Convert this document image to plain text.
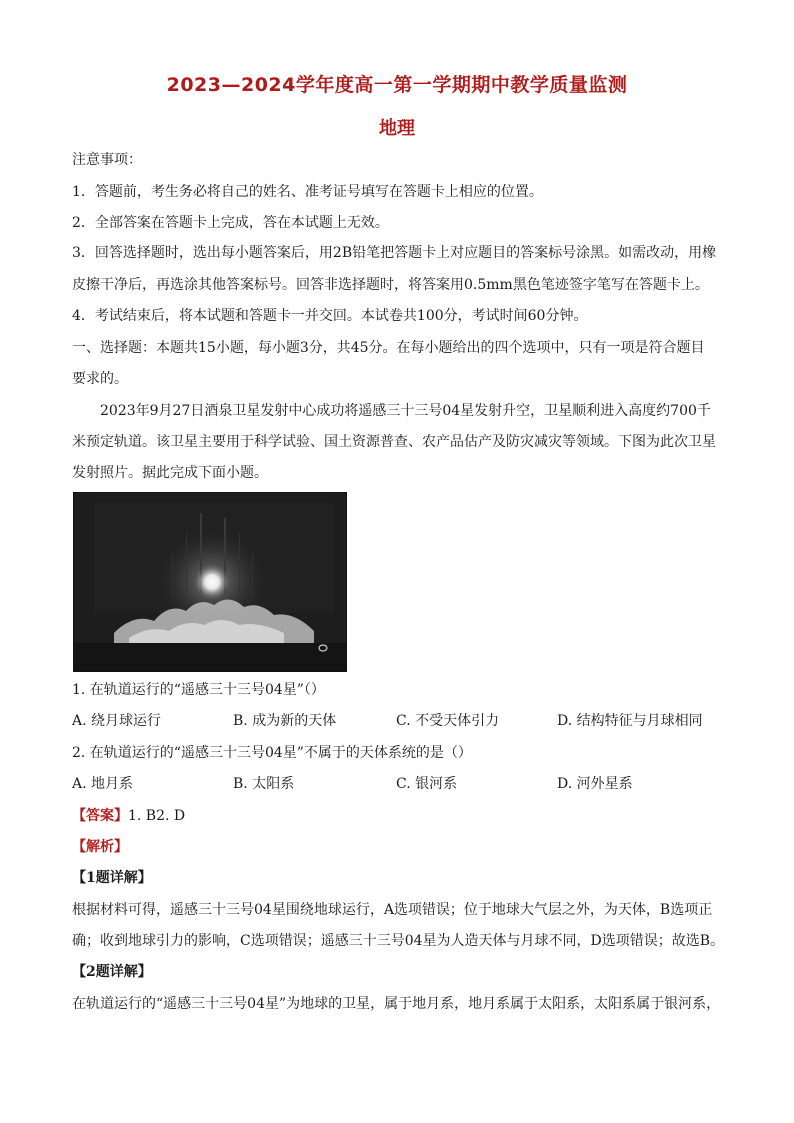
2023—2024学年度高一第一学期期中教学质量监测
地理
注意事项：
1．答题前，考生务必将自己的姓名、准考证号填写在答题卡上相应的位置。
2．全部答案在答题卡上完成，答在本试题上无效。
3．回答选择题时，选出每小题答案后，用2B铅笔把答题卡上对应题目的答案标号涂黑。如需改动，用橡
皮擦干净后，再选涂其他答案标号。回答非选择题时，将答案用0.5mm黑色笔迹签字笔写在答题卡上。
4．考试结束后，将本试题和答题卡一并交回。本试卷共100分，考试时间60分钟。
一、选择题：本题共15小题，每小题3分，共45分。在每小题给出的四个选项中，只有一项是符合题目
要求的。
2023年9月27日酒泉卫星发射中心成功将遥感三十三号04星发射升空，卫星顺利进入高度约700千
米预定轨道。该卫星主要用于科学试验、国土资源普查、农产品估产及防灾减灾等领域。下图为此次卫星
发射照片。据此完成下面小题。
1. 在轨道运行的“遥感三十三号04星”（）
A. 绕月球运行	B. 成为新的天体	C. 不受天体引力	D. 结构特征与月球相同
2. 在轨道运行的“遥感三十三号04星”不属于的天体系统的是（）
A. 地月系	B. 太阳系	C. 银河系	D. 河外星系
【答案】1. B2. D
【解析】
【1题详解】
根据材料可得，遥感三十三号04星围绕地球运行，A选项错误；位于地球大气层之外，为天体，B选项正
确；收到地球引力的影响，C选项错误；遥感三十三号04星为人造天体与月球不同，D选项错误；故选B。
【2题详解】
在轨道运行的“遥感三十三号04星”为地球的卫星，属于地月系，地月系属于太阳系，太阳系属于银河系，
